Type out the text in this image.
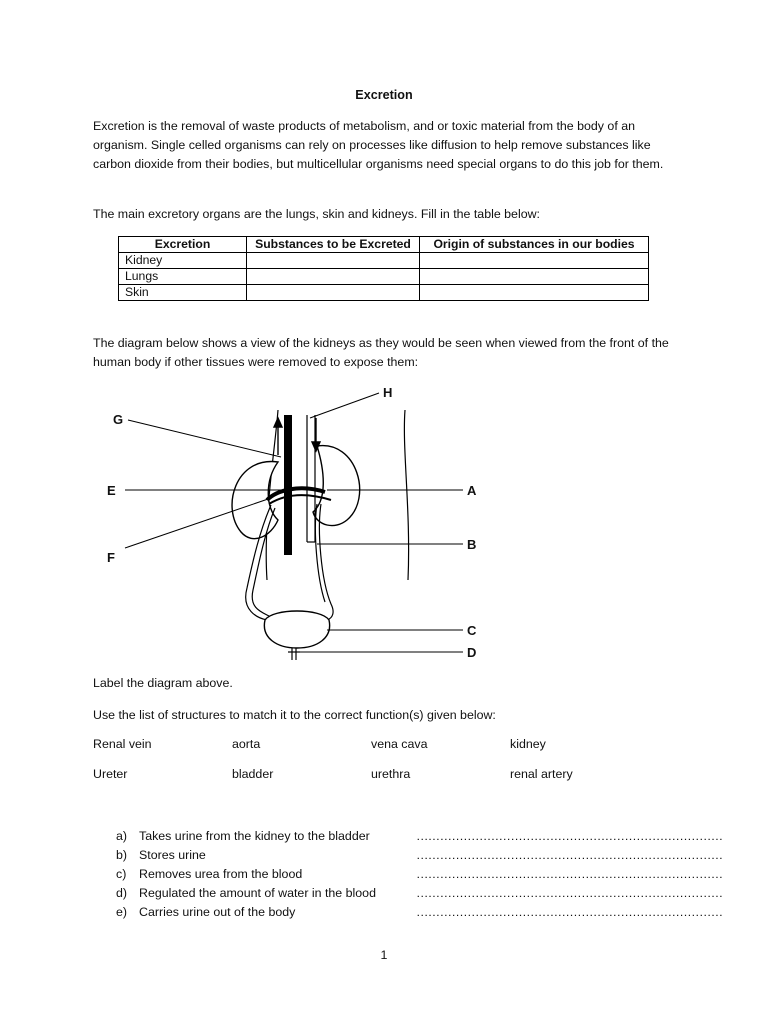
Excretion
Excretion is the removal of waste products of metabolism, and or toxic material from the body of an organism. Single celled organisms can rely on processes like diffusion to help remove substances like carbon dioxide from their bodies, but multicellular organisms need special organs to do this job for them.
The main excretory organs are the lungs, skin and kidneys. Fill in the table below:
Excretion	Substances to be Excreted	Origin of substances in our bodies
Kidney		
Lungs		
Skin		
The diagram below shows a view of the kidneys as they would be seen when viewed from the front of the human body if other tissues were removed to expose them:
G
H
E	A
B
F
C
D
Label the diagram above.
Use the list of structures to match it to the correct function(s) given below:
Renal vein	aorta	vena cava	kidney
Ureter	bladder	urethra	renal artery
a) Takes urine from the kidney to the bladder	……………………………………………………………………
b) Stores urine	……………………………………………………………………
c) Removes urea from the blood	……………………………………………………………………
d) Regulated the amount of water in the blood	……………………………………………………………………
e) Carries urine out of the body	……………………………………………………………………
1
